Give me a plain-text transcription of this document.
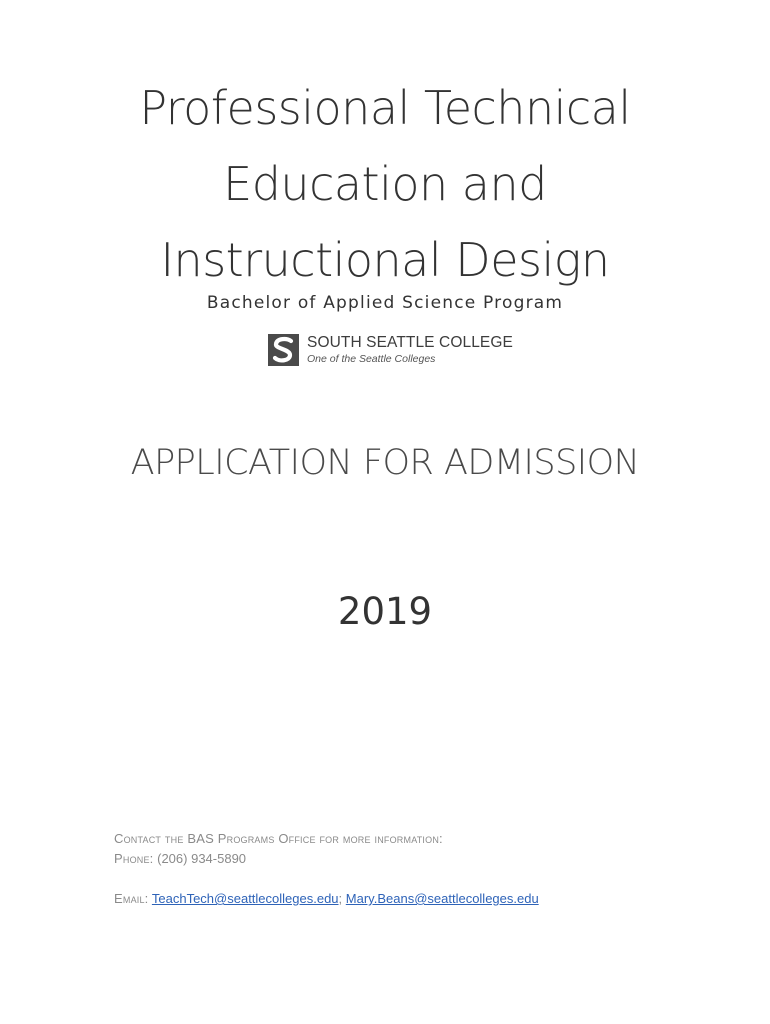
Professional Technical
Education and
Instructional Design
Bachelor of Applied Science Program
SOUTH SEATTLE COLLEGE
One of the Seattle Colleges
APPLICATION FOR ADMISSION
2019
Contact the BAS Programs Office for more information:
Phone: (206) 934-5890
Email: TeachTech@seattlecolleges.edu; Mary.Beans@seattlecolleges.edu
